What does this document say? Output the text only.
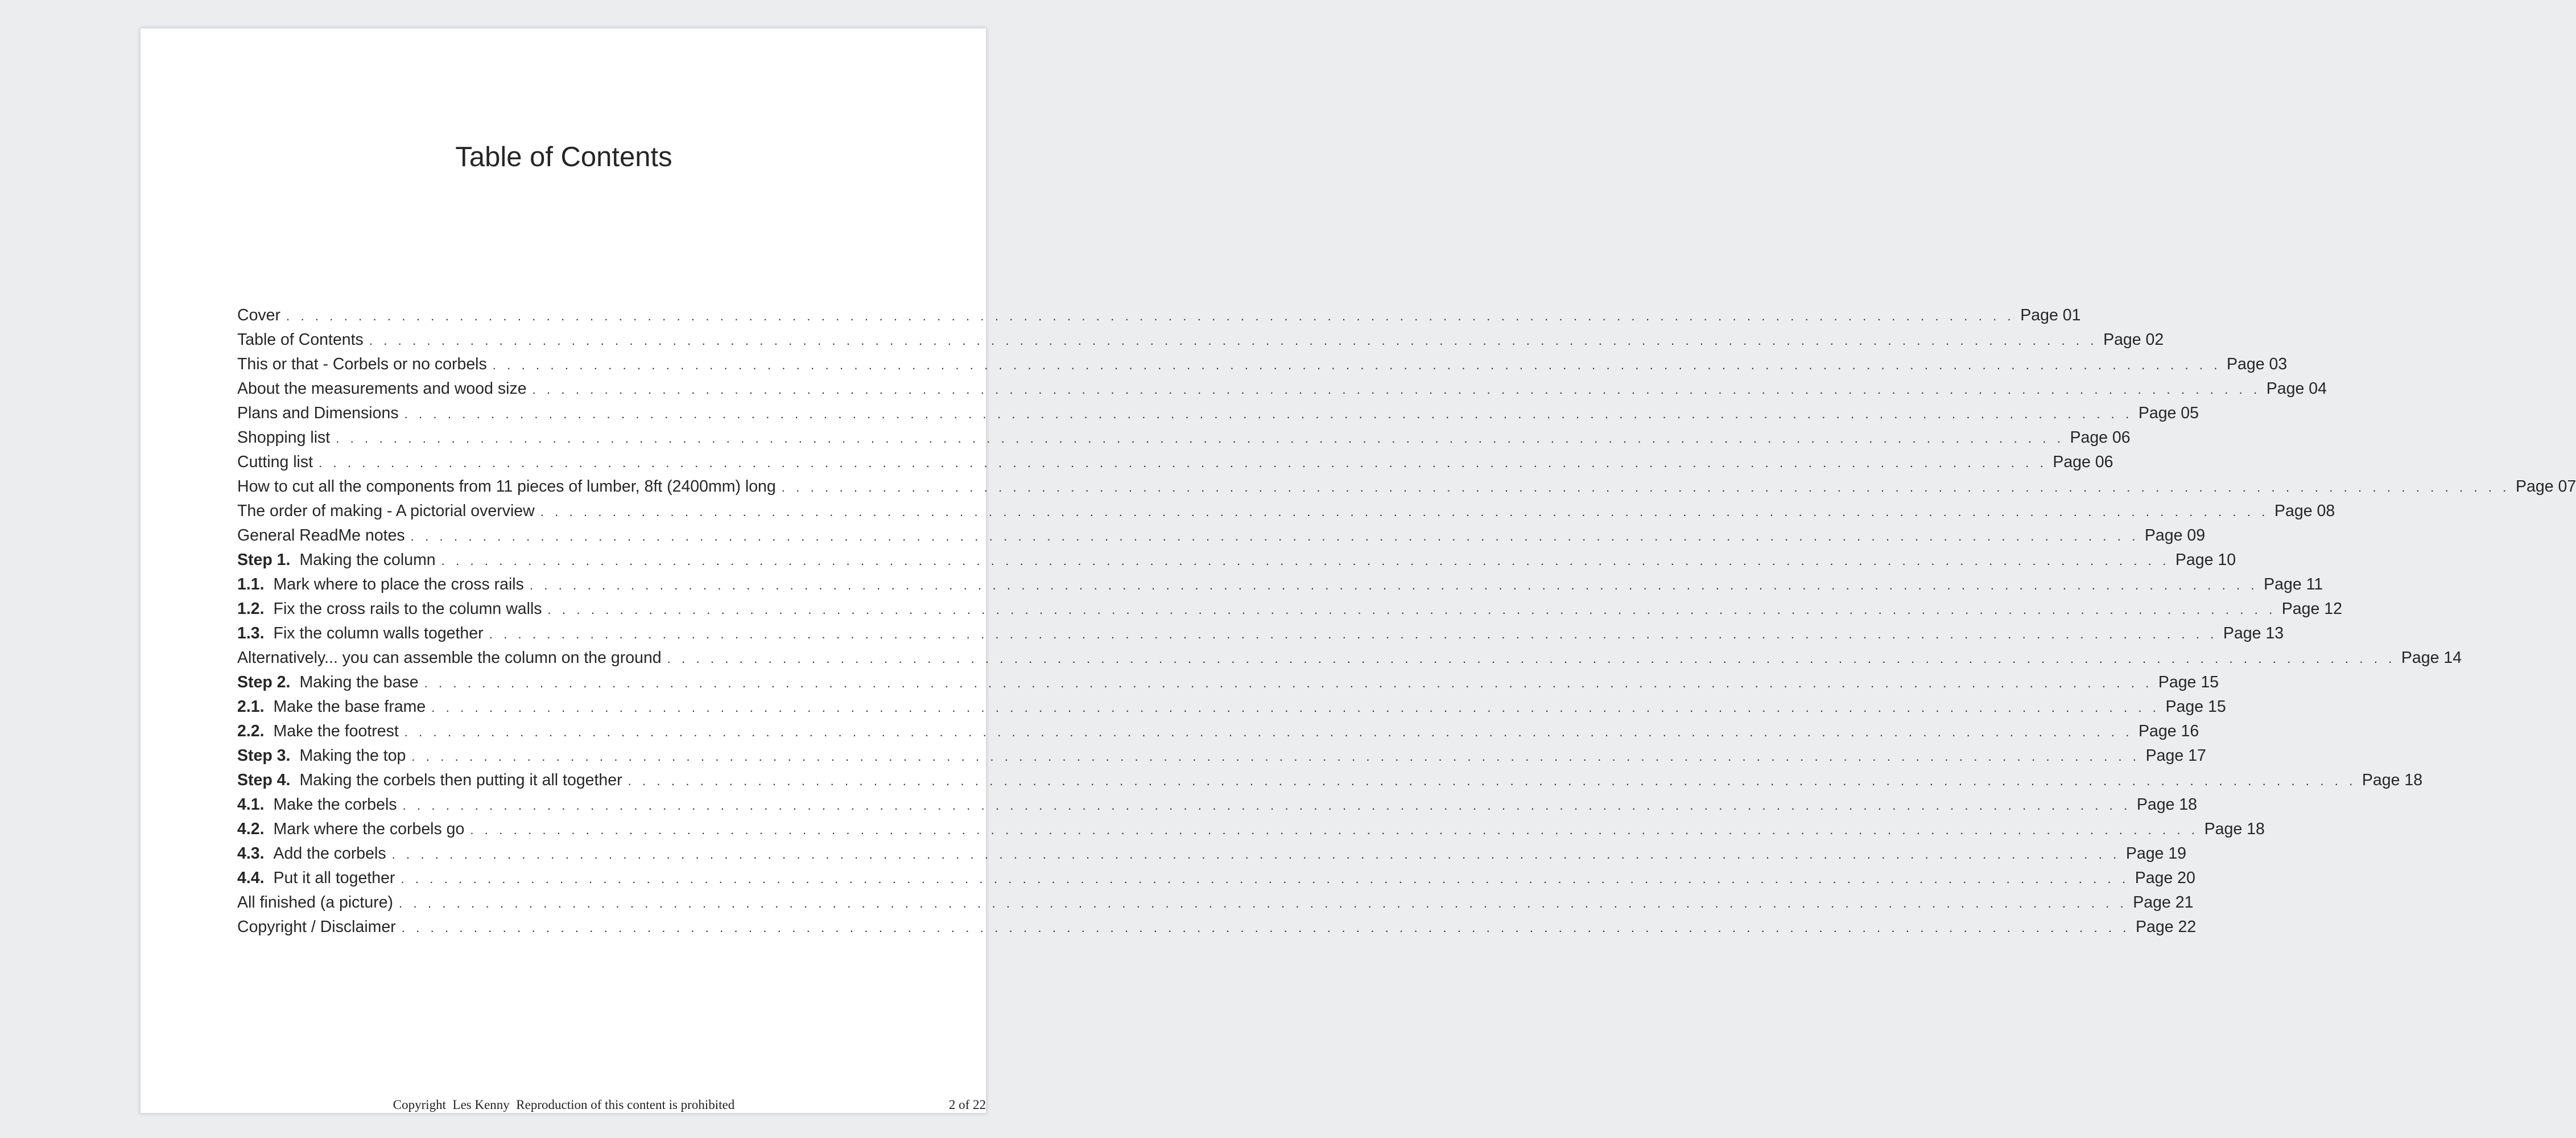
Table of Contents
Cover . . . . . . . . . . . . . . . . . . . . . . . . . . . . . . . . . . . . . . . . . . . . . . . . . . . . . . . . . . . . . . . . . . . . . . . . . . . . . . . . . . . . . . . . . . . . . . . . . . . . . . . . . . . . . . . . . . . . . . . . Page 01
Table of Contents . . . . . . . . . . . . . . . . . . . . . . . . . . . . . . . . . . . . . . . . . . . . . . . . . . . . . . . . . . . . . . . . . . . . . . . . . . . . . . . . . . . . . . . . . . . . . . . . . . . . . . . . . . . . . . . . . . . . . . . . Page 02
This or that - Corbels or no corbels . . . . . . . . . . . . . . . . . . . . . . . . . . . . . . . . . . . . . . . . . . . . . . . . . . . . . . . . . . . . . . . . . . . . . . . . . . . . . . . . . . . . . . . . . . . . . . . . . . . . . . . . . . . . . . . . . . . . . . . . Page 03
About the measurements and wood size . . . . . . . . . . . . . . . . . . . . . . . . . . . . . . . . . . . . . . . . . . . . . . . . . . . . . . . . . . . . . . . . . . . . . . . . . . . . . . . . . . . . . . . . . . . . . . . . . . . . . . . . . . . . . . . . . . . . . . . . Page 04
Plans and Dimensions . . . . . . . . . . . . . . . . . . . . . . . . . . . . . . . . . . . . . . . . . . . . . . . . . . . . . . . . . . . . . . . . . . . . . . . . . . . . . . . . . . . . . . . . . . . . . . . . . . . . . . . . . . . . . . . . . . . . . . . . Page 05
Shopping list . . . . . . . . . . . . . . . . . . . . . . . . . . . . . . . . . . . . . . . . . . . . . . . . . . . . . . . . . . . . . . . . . . . . . . . . . . . . . . . . . . . . . . . . . . . . . . . . . . . . . . . . . . . . . . . . . . . . . . . . Page 06
Cutting list . . . . . . . . . . . . . . . . . . . . . . . . . . . . . . . . . . . . . . . . . . . . . . . . . . . . . . . . . . . . . . . . . . . . . . . . . . . . . . . . . . . . . . . . . . . . . . . . . . . . . . . . . . . . . . . . . . . . . . . . Page 06
How to cut all the components from 11 pieces of lumber, 8ft (2400mm) long . . . . . . . . . . . . . . . . . . . . . . . . . . . . . . . . . . . . . . . . . . . . . . . . . . . . . . . . . . . . . . . . . . . . . . . . . . . . . . . . . . . . . . . . . . . . . . . . . . . . . . . . . . . . . . . . . . . . . . . . Page 07
The order of making - A pictorial overview . . . . . . . . . . . . . . . . . . . . . . . . . . . . . . . . . . . . . . . . . . . . . . . . . . . . . . . . . . . . . . . . . . . . . . . . . . . . . . . . . . . . . . . . . . . . . . . . . . . . . . . . . . . . . . . . . . . . . . . . Page 08
General ReadMe notes . . . . . . . . . . . . . . . . . . . . . . . . . . . . . . . . . . . . . . . . . . . . . . . . . . . . . . . . . . . . . . . . . . . . . . . . . . . . . . . . . . . . . . . . . . . . . . . . . . . . . . . . . . . . . . . . . . . . . . . . Page 09
Step 1. Making the column . . . . . . . . . . . . . . . . . . . . . . . . . . . . . . . . . . . . . . . . . . . . . . . . . . . . . . . . . . . . . . . . . . . . . . . . . . . . . . . . . . . . . . . . . . . . . . . . . . . . . . . . . . . . . . . . . . . . . . . . Page 10
1.1. Mark where to place the cross rails . . . . . . . . . . . . . . . . . . . . . . . . . . . . . . . . . . . . . . . . . . . . . . . . . . . . . . . . . . . . . . . . . . . . . . . . . . . . . . . . . . . . . . . . . . . . . . . . . . . . . . . . . . . . . . . . . . . . . . . . Page 11
1.2. Fix the cross rails to the column walls . . . . . . . . . . . . . . . . . . . . . . . . . . . . . . . . . . . . . . . . . . . . . . . . . . . . . . . . . . . . . . . . . . . . . . . . . . . . . . . . . . . . . . . . . . . . . . . . . . . . . . . . . . . . . . . . . . . . . . . . Page 12
1.3. Fix the column walls together . . . . . . . . . . . . . . . . . . . . . . . . . . . . . . . . . . . . . . . . . . . . . . . . . . . . . . . . . . . . . . . . . . . . . . . . . . . . . . . . . . . . . . . . . . . . . . . . . . . . . . . . . . . . . . . . . . . . . . . . Page 13
Alternatively... you can assemble the column on the ground . . . . . . . . . . . . . . . . . . . . . . . . . . . . . . . . . . . . . . . . . . . . . . . . . . . . . . . . . . . . . . . . . . . . . . . . . . . . . . . . . . . . . . . . . . . . . . . . . . . . . . . . . . . . . . . . . . . . . . . . Page 14
Step 2. Making the base . . . . . . . . . . . . . . . . . . . . . . . . . . . . . . . . . . . . . . . . . . . . . . . . . . . . . . . . . . . . . . . . . . . . . . . . . . . . . . . . . . . . . . . . . . . . . . . . . . . . . . . . . . . . . . . . . . . . . . . . Page 15
2.1. Make the base frame . . . . . . . . . . . . . . . . . . . . . . . . . . . . . . . . . . . . . . . . . . . . . . . . . . . . . . . . . . . . . . . . . . . . . . . . . . . . . . . . . . . . . . . . . . . . . . . . . . . . . . . . . . . . . . . . . . . . . . . . Page 15
2.2. Make the footrest . . . . . . . . . . . . . . . . . . . . . . . . . . . . . . . . . . . . . . . . . . . . . . . . . . . . . . . . . . . . . . . . . . . . . . . . . . . . . . . . . . . . . . . . . . . . . . . . . . . . . . . . . . . . . . . . . . . . . . . . Page 16
Step 3. Making the top . . . . . . . . . . . . . . . . . . . . . . . . . . . . . . . . . . . . . . . . . . . . . . . . . . . . . . . . . . . . . . . . . . . . . . . . . . . . . . . . . . . . . . . . . . . . . . . . . . . . . . . . . . . . . . . . . . . . . . . . Page 17
Step 4. Making the corbels then putting it all together . . . . . . . . . . . . . . . . . . . . . . . . . . . . . . . . . . . . . . . . . . . . . . . . . . . . . . . . . . . . . . . . . . . . . . . . . . . . . . . . . . . . . . . . . . . . . . . . . . . . . . . . . . . . . . . . . . . . . . . . Page 18
4.1. Make the corbels . . . . . . . . . . . . . . . . . . . . . . . . . . . . . . . . . . . . . . . . . . . . . . . . . . . . . . . . . . . . . . . . . . . . . . . . . . . . . . . . . . . . . . . . . . . . . . . . . . . . . . . . . . . . . . . . . . . . . . . . Page 18
4.2. Mark where the corbels go . . . . . . . . . . . . . . . . . . . . . . . . . . . . . . . . . . . . . . . . . . . . . . . . . . . . . . . . . . . . . . . . . . . . . . . . . . . . . . . . . . . . . . . . . . . . . . . . . . . . . . . . . . . . . . . . . . . . . . . . Page 18
4.3. Add the corbels . . . . . . . . . . . . . . . . . . . . . . . . . . . . . . . . . . . . . . . . . . . . . . . . . . . . . . . . . . . . . . . . . . . . . . . . . . . . . . . . . . . . . . . . . . . . . . . . . . . . . . . . . . . . . . . . . . . . . . . . Page 19
4.4. Put it all together . . . . . . . . . . . . . . . . . . . . . . . . . . . . . . . . . . . . . . . . . . . . . . . . . . . . . . . . . . . . . . . . . . . . . . . . . . . . . . . . . . . . . . . . . . . . . . . . . . . . . . . . . . . . . . . . . . . . . . . . Page 20
All finished (a picture) . . . . . . . . . . . . . . . . . . . . . . . . . . . . . . . . . . . . . . . . . . . . . . . . . . . . . . . . . . . . . . . . . . . . . . . . . . . . . . . . . . . . . . . . . . . . . . . . . . . . . . . . . . . . . . . . . . . . . . . . Page 21
Copyright / Disclaimer . . . . . . . . . . . . . . . . . . . . . . . . . . . . . . . . . . . . . . . . . . . . . . . . . . . . . . . . . . . . . . . . . . . . . . . . . . . . . . . . . . . . . . . . . . . . . . . . . . . . . . . . . . . . . . . . . . . . . . . . Page 22
Copyright  Les Kenny  Reproduction of this content is prohibited	2 of 22
